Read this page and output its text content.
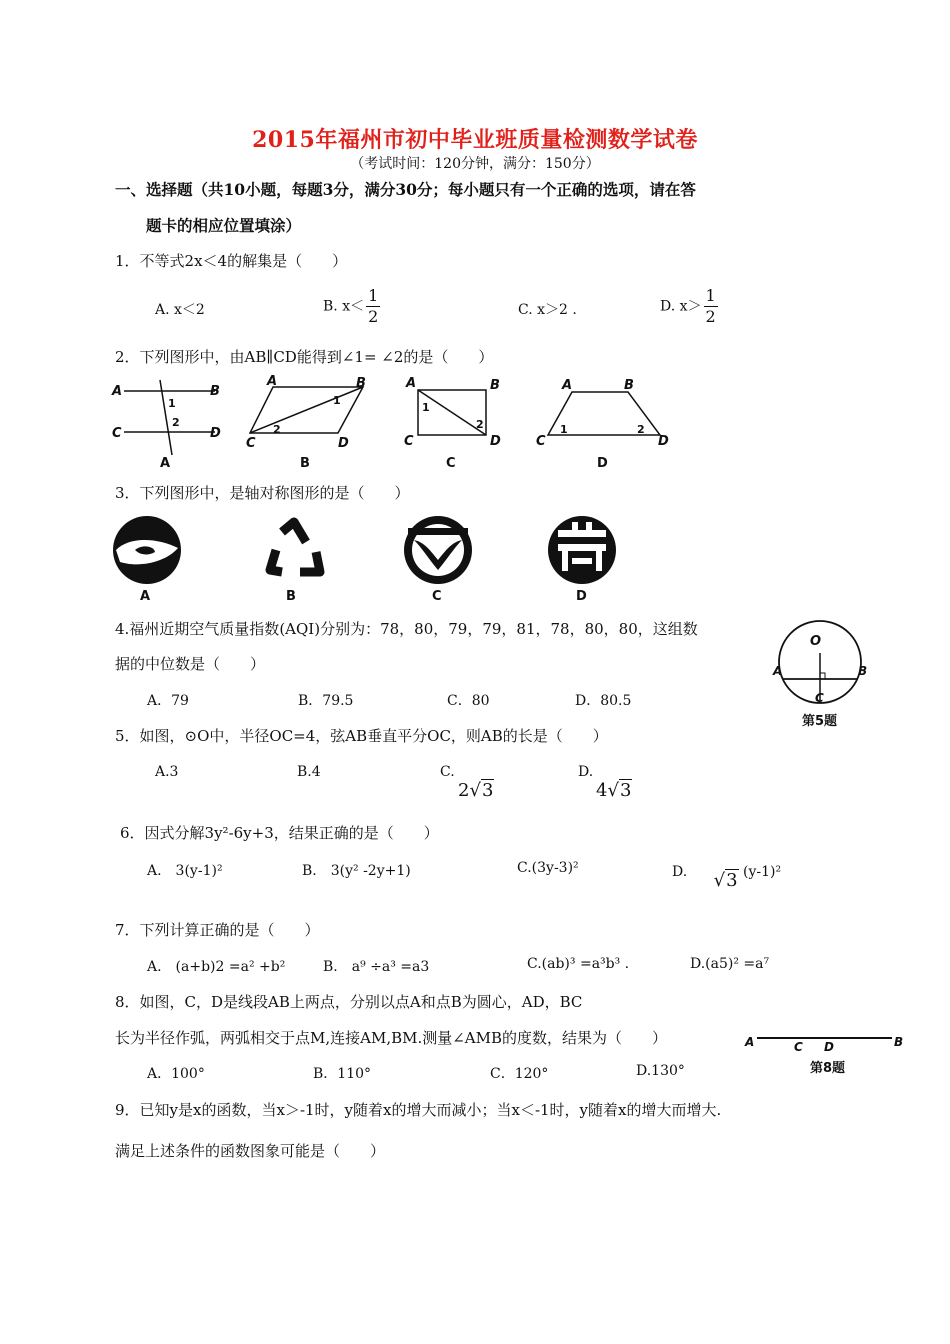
2015年福州市初中毕业班质量检测数学试卷
（考试时间：120分钟，满分：150分）
一、选择题（共10小题，每题3分，满分30分；每小题只有一个正确的选项，请在答
题卡的相应位置填涂）
1．不等式2x＜4的解集是（　　）
A. x＜2	B. $x< \frac{1}{2}$	C. x＞2 .	D. $x> \frac{1}{2}$
2．下列图形中，由AB∥CD能得到∠1= ∠2的是（　　）
A	B
C	D
1
2
A
A	B
C	D
1
2
B
A	B
C	D
1
2
C
A	B
C	D
1	2
D
3．下列图形中，是轴对称图形的是（　　）
A	B	C	D
4.福州近期空气质量指数(AQI)分别为：78，80，79，79，81，78，80，80，这组数
据的中位数是（　　）
A．79	B．79.5	C．80	D．80.5
O
A	B
C
第5题
5．如图，⊙O中，半径OC=4，弦AB垂直平分OC，则AB的长是（　　）
A.3	B.4	C.
2√3
D.
4√3
6．因式分解3y²-6y+3，结果正确的是（　　）
A.　3(y-1)²	B.　3(y² -2y+1)	C.(3y-3)²	D. √3 (y-1)²
7．下列计算正确的是（　　）
A.　(a+b)2 =a² +b²	B.　a⁹ ÷a³ =a3	C.(ab)³ =a³b³ .	D.(a5)² =a⁷
8．如图，C，D是线段AB上两点，分别以点A和点B为圆心，AD，BC
长为半径作弧，两弧相交于点M,连接AM,BM.测量∠AMB的度数，结果为（　　）
A．100°	B．110°	C．120°	D.130°
A	C D	B
第8题
9．已知y是x的函数，当x＞-1时，y随着x的增大而减小；当x＜-1时，y随着x的增大而增大.
满足上述条件的函数图象可能是（　　）
